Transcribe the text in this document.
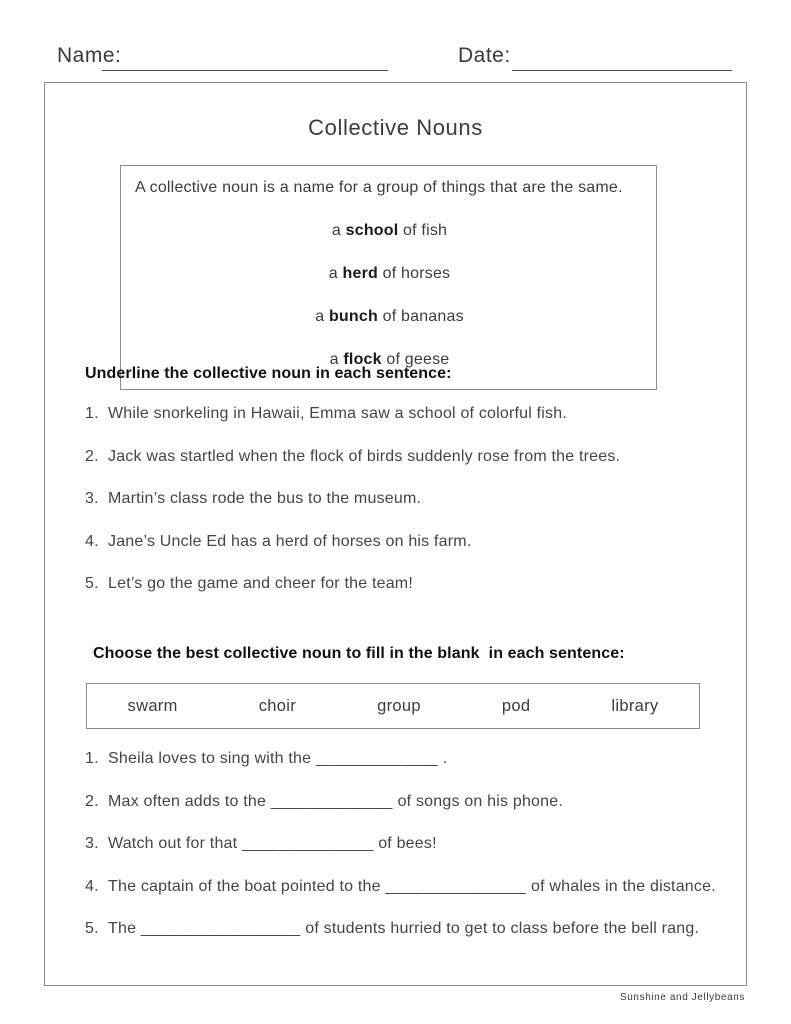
Name:	Date:
Collective Nouns
A collective noun is a name for a group of things that are the same.
a school of fish
a herd of horses
a bunch of bananas
a flock of geese
Underline the collective noun in each sentence:
1. While snorkeling in Hawaii, Emma saw a school of colorful fish.
2. Jack was startled when the flock of birds suddenly rose from the trees.
3. Martin’s class rode the bus to the museum.
4. Jane’s Uncle Ed has a herd of horses on his farm.
5. Let’s go the game and cheer for the team!
Choose the best collective noun to fill in the blank  in each sentence:
swarm	choir	group	pod	library
1. Sheila loves to sing with the _____________ .
2. Max often adds to the _____________ of songs on his phone.
3. Watch out for that ______________ of bees!
4. The captain of the boat pointed to the _______________ of whales in the distance.
5. The _________________ of students hurried to get to class before the bell rang.
Sunshine and Jellybeans
